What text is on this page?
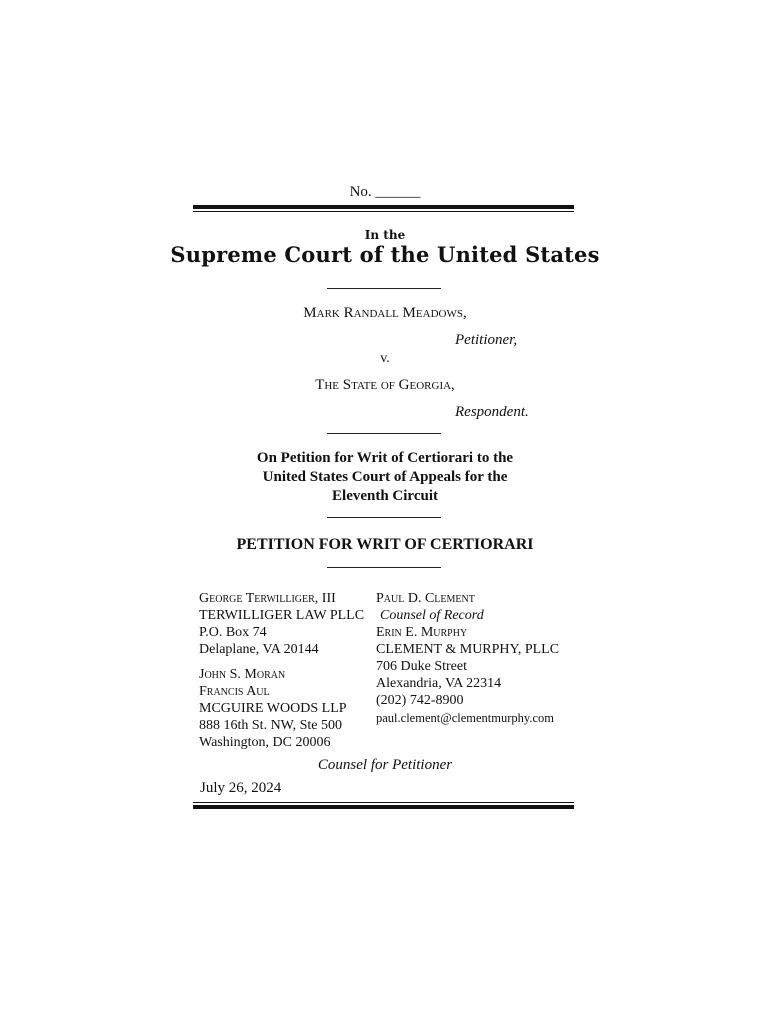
No. ______
In the
Supreme Court of the United States
Mark Randall Meadows,
Petitioner,
v.
The State of Georgia,
Respondent.
On Petition for Writ of Certiorari to the
United States Court of Appeals for the
Eleventh Circuit
PETITION FOR WRIT OF CERTIORARI
George Terwilliger, III
TERWILLIGER LAW PLLC
P.O. Box 74
Delaplane, VA 20144
John S. Moran
Francis Aul
MCGUIRE WOODS LLP
888 16th St. NW, Ste 500
Washington, DC 20006
Paul D. Clement
Counsel of Record
Erin E. Murphy
CLEMENT & MURPHY, PLLC
706 Duke Street
Alexandria, VA 22314
(202) 742-8900
paul.clement@clementmurphy.com
Counsel for Petitioner
July 26, 2024
